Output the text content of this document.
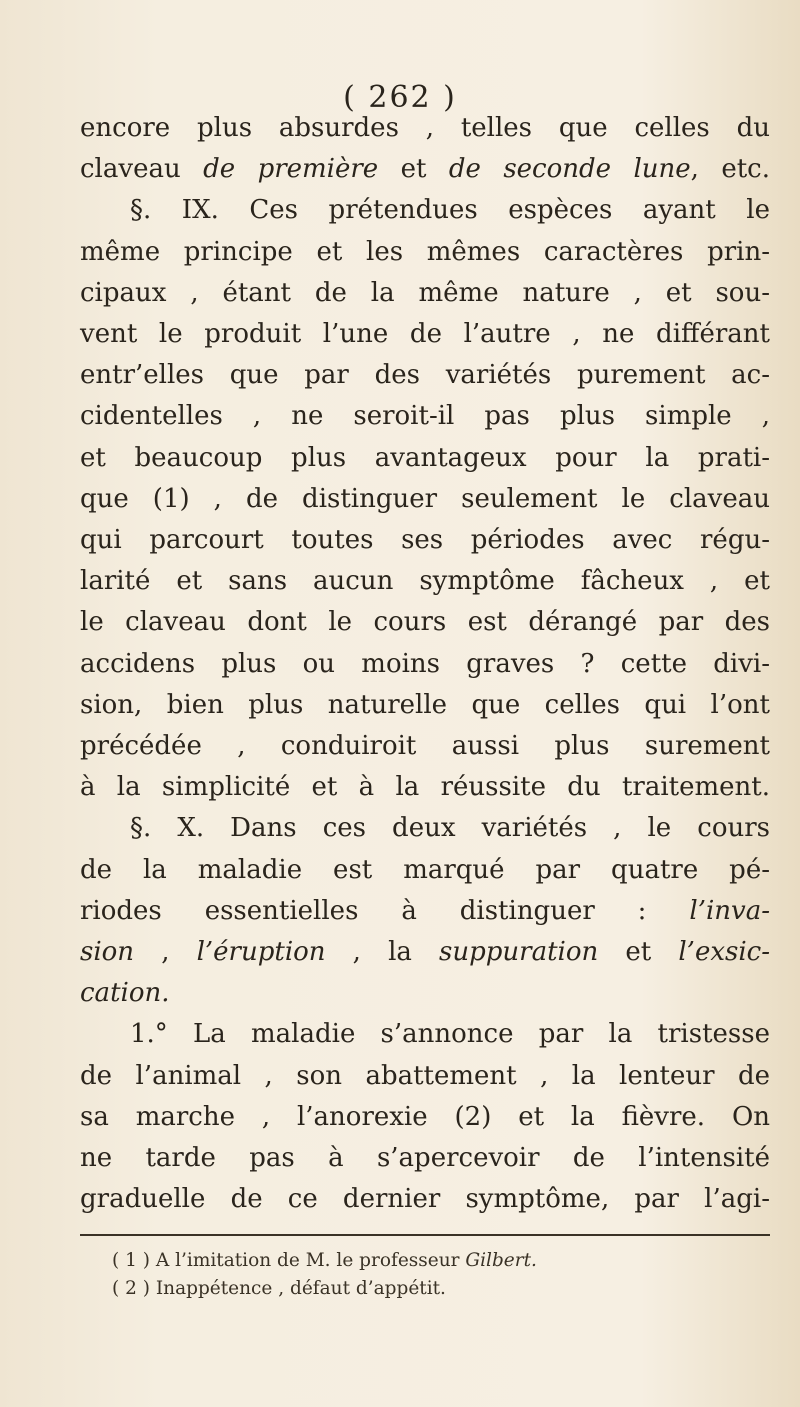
( 262 )
encore plus absurdes , telles que celles du
claveau de première et de seconde lune, etc.
§. IX. Ces prétendues espèces ayant le
même principe et les mêmes caractères prin-
cipaux , étant de la même nature , et sou-
vent le produit l’une de l’autre , ne différant
entr’elles que par des variétés purement ac-
cidentelles , ne seroit-il pas plus simple ,
et beaucoup plus avantageux pour la prati-
que (1) , de distinguer seulement le claveau
qui parcourt toutes ses périodes avec régu-
larité et sans aucun symptôme fâcheux , et
le claveau dont le cours est dérangé par des
accidens plus ou moins graves ? cette divi-
sion, bien plus naturelle que celles qui l’ont
précédée , conduiroit aussi plus surement
à la simplicité et à la réussite du traitement.
§. X. Dans ces deux variétés , le cours
de la maladie est marqué par quatre pé-
riodes essentielles à distinguer : l’inva-
sion , l’éruption , la suppuration et l’exsic-
cation.
1.° La maladie s’annonce par la tristesse
de l’animal , son abattement , la lenteur de
sa marche , l’anorexie (2) et la fièvre. On
ne tarde pas à s’apercevoir de l’intensité
graduelle de ce dernier symptôme, par l’agi-
( 1 ) A l’imitation de M. le professeur Gilbert.
( 2 ) Inappétence , défaut d’appétit.
